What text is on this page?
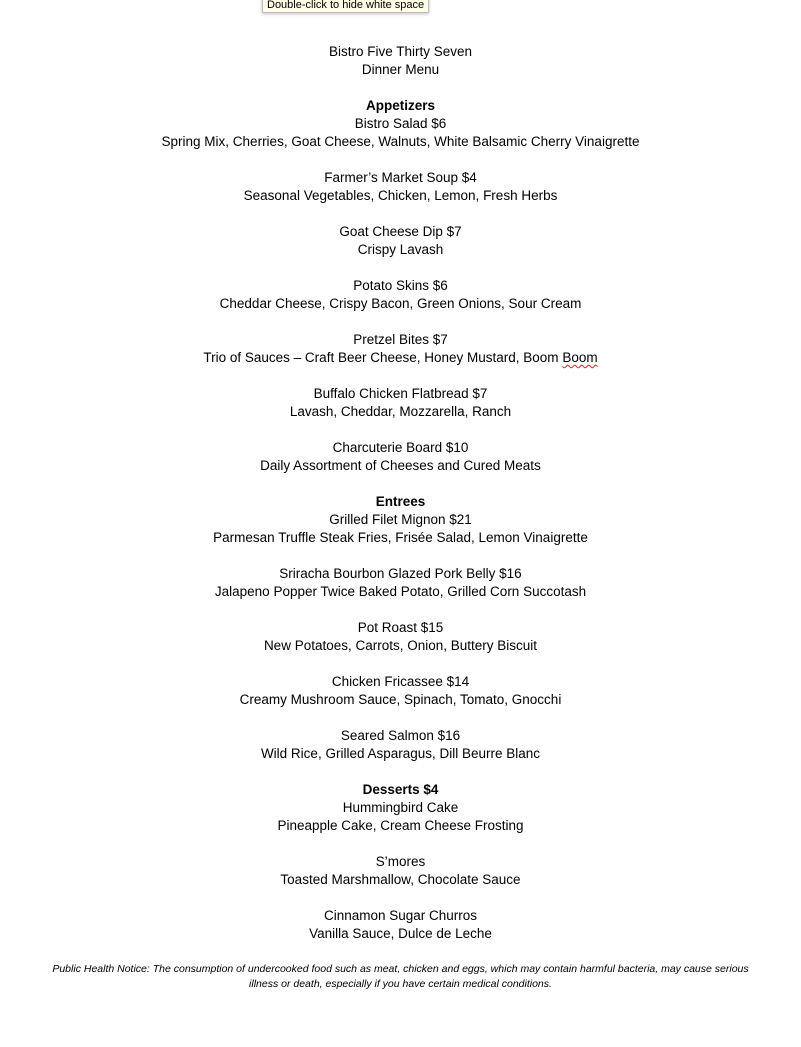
Double-click to hide white space
Bistro Five Thirty Seven
Dinner Menu
Appetizers
Bistro Salad $6
Spring Mix, Cherries, Goat Cheese, Walnuts, White Balsamic Cherry Vinaigrette
Farmer’s Market Soup $4
Seasonal Vegetables, Chicken, Lemon, Fresh Herbs
Goat Cheese Dip $7
Crispy Lavash
Potato Skins $6
Cheddar Cheese, Crispy Bacon, Green Onions, Sour Cream
Pretzel Bites $7
Trio of Sauces – Craft Beer Cheese, Honey Mustard, Boom Boom
Buffalo Chicken Flatbread $7
Lavash, Cheddar, Mozzarella, Ranch
Charcuterie Board $10
Daily Assortment of Cheeses and Cured Meats
Entrees
Grilled Filet Mignon $21
Parmesan Truffle Steak Fries, Frisée Salad, Lemon Vinaigrette
Sriracha Bourbon Glazed Pork Belly $16
Jalapeno Popper Twice Baked Potato, Grilled Corn Succotash
Pot Roast $15
New Potatoes, Carrots, Onion, Buttery Biscuit
Chicken Fricassee $14
Creamy Mushroom Sauce, Spinach, Tomato, Gnocchi
Seared Salmon $16
Wild Rice, Grilled Asparagus, Dill Beurre Blanc
Desserts $4
Hummingbird Cake
Pineapple Cake, Cream Cheese Frosting
S’mores
Toasted Marshmallow, Chocolate Sauce
Cinnamon Sugar Churros
Vanilla Sauce, Dulce de Leche
Public Health Notice: The consumption of undercooked food such as meat, chicken and eggs, which may contain harmful bacteria, may cause serious illness or death, especially if you have certain medical conditions.
